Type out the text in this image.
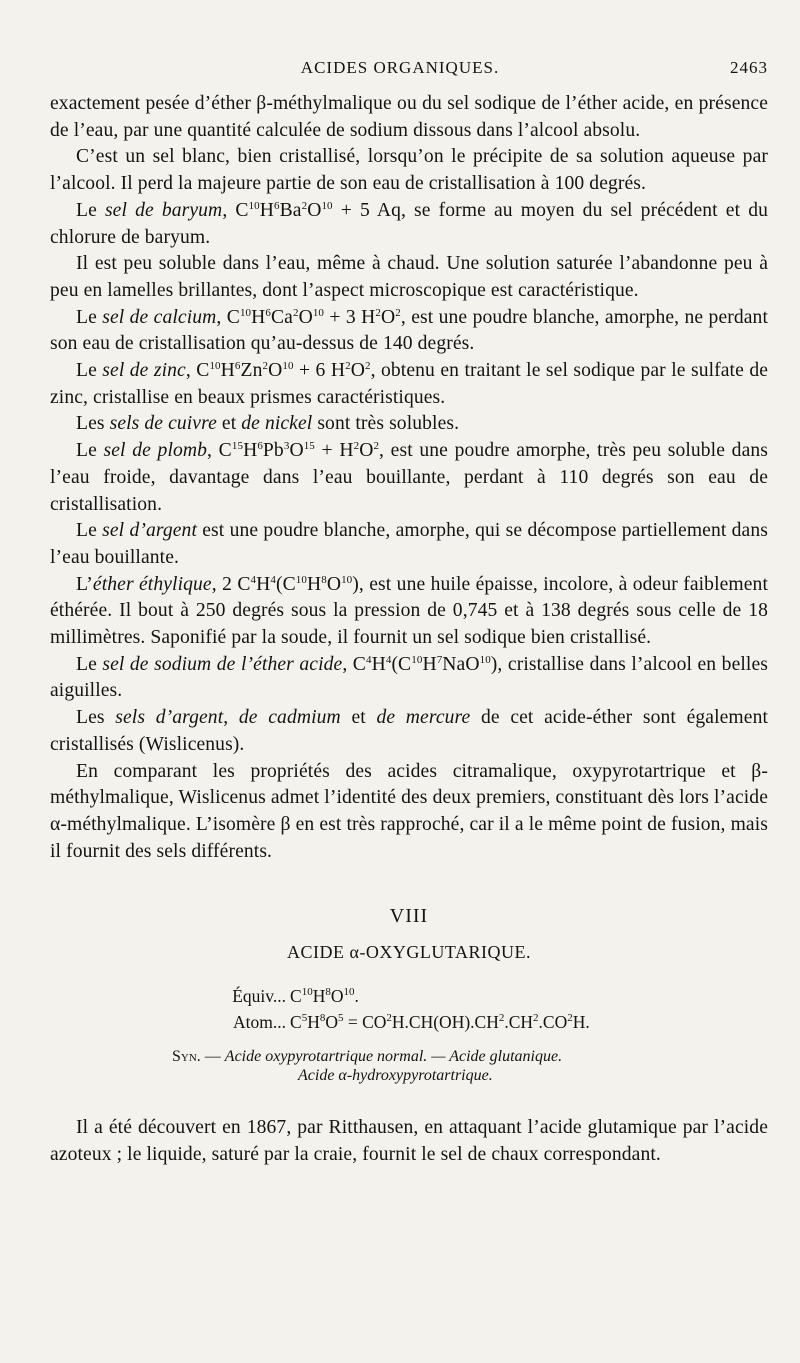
ACIDES ORGANIQUES.	2463

exactement pesée d’éther β-méthylmalique ou du sel sodique de l’éther acide, en présence de l’eau, par une quantité calculée de sodium dissous dans l’alcool absolu.

C’est un sel blanc, bien cristallisé, lorsqu’on le précipite de sa solution aqueuse par l’alcool. Il perd la majeure partie de son eau de cristallisation à 100 degrés.

Le sel de baryum, $C^{10}H^6Ba^2O^{10} + 5$ Aq, se forme au moyen du sel précédent et du chlorure de baryum.

Il est peu soluble dans l’eau, même à chaud. Une solution saturée l’abandonne peu à peu en lamelles brillantes, dont l’aspect microscopique est caractéristique.

Le sel de calcium, $C^{10}H^6Ca^2O^{10} + 3$ $H^2O^2$, est une poudre blanche, amorphe, ne perdant son eau de cristallisation qu’au-dessus de 140 degrés.

Le sel de zinc, $C^{10}H^6Zn^2O^{10} + 6$ $H^2O^2$, obtenu en traitant le sel sodique par le sulfate de zinc, cristallise en beaux prismes caractéristiques.

Les sels de cuivre et de nickel sont très solubles.

Le sel de plomb, $C^{15}H^6Pb^3O^{15} + H^2O^2$, est une poudre amorphe, très peu soluble dans l’eau froide, davantage dans l’eau bouillante, perdant à 110 degrés son eau de cristallisation.

Le sel d’argent est une poudre blanche, amorphe, qui se décompose partiellement dans l’eau bouillante.

L’éther éthylique, 2 $C^4H^4(C^{10}H^8O^{10})$, est une huile épaisse, incolore, à odeur faiblement éthérée. Il bout à 250 degrés sous la pression de 0,745 et à 138 degrés sous celle de 18 millimètres. Saponifié par la soude, il fournit un sel sodique bien cristallisé.

Le sel de sodium de l’éther acide, $C^4H^4(C^{10}H^7NaO^{10})$, cristallise dans l’alcool en belles aiguilles.

Les sels d’argent, de cadmium et de mercure de cet acide-éther sont également cristallisés (Wislicenus).

En comparant les propriétés des acides citramalique, oxypyrotartrique et β-méthylmalique, Wislicenus admet l’identité des deux premiers, constituant dès lors l’acide α-méthylmalique. L’isomère β en est très rapproché, car il a le même point de fusion, mais il fournit des sels différents.

VIII
ACIDE α-OXYGLUTARIQUE.
Équiv... $C^{10}H^8O^{10}$.
Atom... $C^5H^8O^5 = CO^2H.CH(OH).CH^2.CH^2.CO^2H$.
Syn. — Acide oxypyrotartrique normal. — Acide glutanique.
Acide α-hydroxypyrotartrique.

Il a été découvert en 1867, par Ritthausen, en attaquant l’acide glutamique par l’acide azoteux ; le liquide, saturé par la craie, fournit le sel de chaux correspondant.
